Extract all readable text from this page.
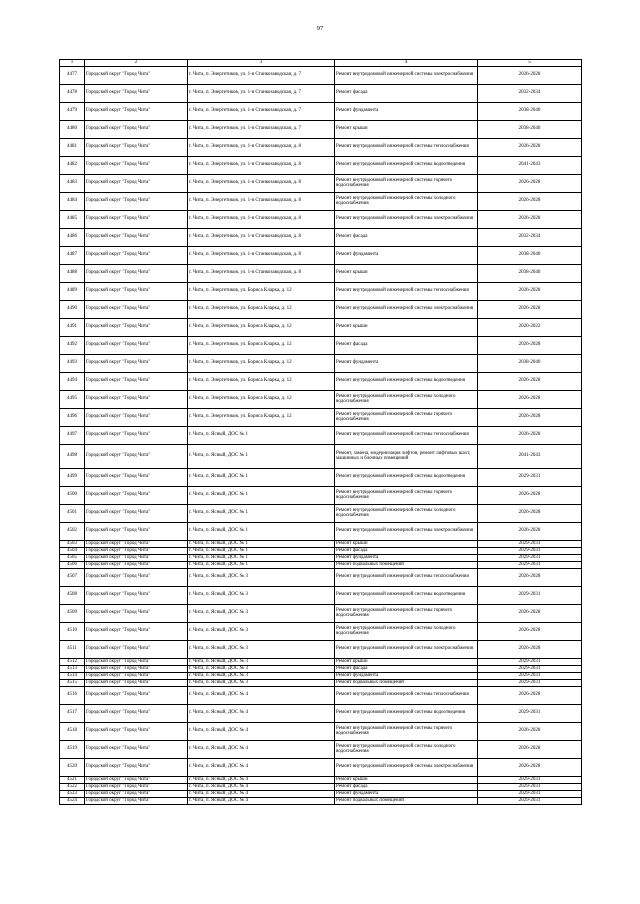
97
1	2	3	4	5
4477	Городской округ "Город Чита"	г. Чита, п. Энергетиков, ул. 1-я Станкозаводская, д. 7	Ремонт внутридомовой инженерной системы электроснабжения	2026-2028
4478	Городской округ "Город Чита"	г. Чита, п. Энергетиков, ул. 1-я Станкозаводская, д. 7	Ремонт фасада	2032-2034
4479	Городской округ "Город Чита"	г. Чита, п. Энергетиков, ул. 1-я Станкозаводская, д. 7	Ремонт фундамента	2038-2040
4480	Городской округ "Город Чита"	г. Чита, п. Энергетиков, ул. 1-я Станкозаводская, д. 7	Ремонт крыши	2038-2040
4481	Городской округ "Город Чита"	г. Чита, п. Энергетиков, ул. 1-я Станкозаводская, д. 8	Ремонт внутридомовой инженерной системы теплоснабжения	2026-2028
4482	Городской округ "Город Чита"	г. Чита, п. Энергетиков, ул. 1-я Станкозаводская, д. 8	Ремонт внутридомовой инженерной системы водоотведения	2041-2043
4483	Городской округ "Город Чита"	г. Чита, п. Энергетиков, ул. 1-я Станкозаводская, д. 8	Ремонт внутридомовой инженерной системы горячего водоснабжения	2026-2028
4484	Городской округ "Город Чита"	г. Чита, п. Энергетиков, ул. 1-я Станкозаводская, д. 8	Ремонт внутридомовой инженерной системы холодного водоснабжения	2026-2028
4485	Городской округ "Город Чита"	г. Чита, п. Энергетиков, ул. 1-я Станкозаводская, д. 8	Ремонт внутридомовой инженерной системы электроснабжения	2026-2028
4486	Городской округ "Город Чита"	г. Чита, п. Энергетиков, ул. 1-я Станкозаводская, д. 8	Ремонт фасада	2032-2034
4487	Городской округ "Город Чита"	г. Чита, п. Энергетиков, ул. 1-я Станкозаводская, д. 8	Ремонт фундамента	2038-2040
4488	Городской округ "Город Чита"	г. Чита, п. Энергетиков, ул. 1-я Станкозаводская, д. 8	Ремонт крыши	2038-2040
4489	Городской округ "Город Чита"	г. Чита, п. Энергетиков, ул. Бориса Кларка, д. 12	Ремонт внутридомовой инженерной системы теплоснабжения	2026-2028
4490	Городской округ "Город Чита"	г. Чита, п. Энергетиков, ул. Бориса Кларка, д. 12	Ремонт внутридомовой инженерной системы электроснабжения	2026-2028
4491	Городской округ "Город Чита"	г. Чита, п. Энергетиков, ул. Бориса Кларка, д. 12	Ремонт крыши	2020-2022
4492	Городской округ "Город Чита"	г. Чита, п. Энергетиков, ул. Бориса Кларка, д. 12	Ремонт фасада	2026-2028
4493	Городской округ "Город Чита"	г. Чита, п. Энергетиков, ул. Бориса Кларка, д. 12	Ремонт фундамента	2038-2040
4494	Городской округ "Город Чита"	г. Чита, п. Энергетиков, ул. Бориса Кларка, д. 12	Ремонт внутридомовой инженерной системы водоотведения	2026-2028
4495	Городской округ "Город Чита"	г. Чита, п. Энергетиков, ул. Бориса Кларка, д. 12	Ремонт внутридомовой инженерной системы холодного водоснабжения	2026-2028
4496	Городской округ "Город Чита"	г. Чита, п. Энергетиков, ул. Бориса Кларка, д. 12	Ремонт внутридомовой инженерной системы горячего водоснабжения	2026-2028
4497	Городской округ "Город Чита"	г. Чита, п. Ясный, ДОС № 1	Ремонт внутридомовой инженерной системы теплоснабжения	2026-2028
4498	Городской округ "Город Чита"	г. Чита, п. Ясный, ДОС № 1	Ремонт, замена, модернизация лифтов, ремонт лифтовых шахт, машинных и блочных помещений	2041-2043
4499	Городской округ "Город Чита"	г. Чита, п. Ясный, ДОС № 1	Ремонт внутридомовой инженерной системы водоотведения	2029-2031
4500	Городской округ "Город Чита"	г. Чита, п. Ясный, ДОС № 1	Ремонт внутридомовой инженерной системы горячего водоснабжения	2026-2028
4501	Городской округ "Город Чита"	г. Чита, п. Ясный, ДОС № 1	Ремонт внутридомовой инженерной системы холодного водоснабжения	2026-2028
4502	Городской округ "Город Чита"	г. Чита, п. Ясный, ДОС № 1	Ремонт внутридомовой инженерной системы электроснабжения	2026-2028
4503	Городской округ "Город Чита"	г. Чита, п. Ясный, ДОС № 1	Ремонт крыши	2029-2031
4504	Городской округ "Город Чита"	г. Чита, п. Ясный, ДОС № 1	Ремонт фасада	2029-2031
4505	Городской округ "Город Чита"	г. Чита, п. Ясный, ДОС № 1	Ремонт фундамента	2029-2031
4506	Городской округ "Город Чита"	г. Чита, п. Ясный, ДОС № 1	Ремонт подвальных помещений	2029-2031
4507	Городской округ "Город Чита"	г. Чита, п. Ясный, ДОС № 3	Ремонт внутридомовой инженерной системы теплоснабжения	2026-2028
4508	Городской округ "Город Чита"	г. Чита, п. Ясный, ДОС № 3	Ремонт внутридомовой инженерной системы водоотведения	2029-2031
4509	Городской округ "Город Чита"	г. Чита, п. Ясный, ДОС № 3	Ремонт внутридомовой инженерной системы горячего водоснабжения	2026-2028
4510	Городской округ "Город Чита"	г. Чита, п. Ясный, ДОС № 3	Ремонт внутридомовой инженерной системы холодного водоснабжения	2026-2028
4511	Городской округ "Город Чита"	г. Чита, п. Ясный, ДОС № 3	Ремонт внутридомовой инженерной системы электроснабжения	2026-2028
4512	Городской округ "Город Чита"	г. Чита, п. Ясный, ДОС № 3	Ремонт крыши	2029-2031
4513	Городской округ "Город Чита"	г. Чита, п. Ясный, ДОС № 3	Ремонт фасада	2029-2031
4514	Городской округ "Город Чита"	г. Чита, п. Ясный, ДОС № 3	Ремонт фундамента	2029-2031
4515	Городской округ "Город Чита"	г. Чита, п. Ясный, ДОС № 3	Ремонт подвальных помещений	2029-2031
4516	Городской округ "Город Чита"	г. Чита, п. Ясный, ДОС № 4	Ремонт внутридомовой инженерной системы теплоснабжения	2026-2028
4517	Городской округ "Город Чита"	г. Чита, п. Ясный, ДОС № 4	Ремонт внутридомовой инженерной системы водоотведения	2029-2031
4518	Городской округ "Город Чита"	г. Чита, п. Ясный, ДОС № 4	Ремонт внутридомовой инженерной системы горячего водоснабжения	2026-2028
4519	Городской округ "Город Чита"	г. Чита, п. Ясный, ДОС № 4	Ремонт внутридомовой инженерной системы холодного водоснабжения	2026-2028
4520	Городской округ "Город Чита"	г. Чита, п. Ясный, ДОС № 4	Ремонт внутридомовой инженерной системы электроснабжения	2026-2028
4521	Городской округ "Город Чита"	г. Чита, п. Ясный, ДОС № 4	Ремонт крыши	2029-2031
4522	Городской округ "Город Чита"	г. Чита, п. Ясный, ДОС № 4	Ремонт фасада	2029-2031
4523	Городской округ "Город Чита"	г. Чита, п. Ясный, ДОС № 4	Ремонт фундамента	2029-2031
4524	Городской округ "Город Чита"	г. Чита, п. Ясный, ДОС № 4	Ремонт подвальных помещений	2029-2031
